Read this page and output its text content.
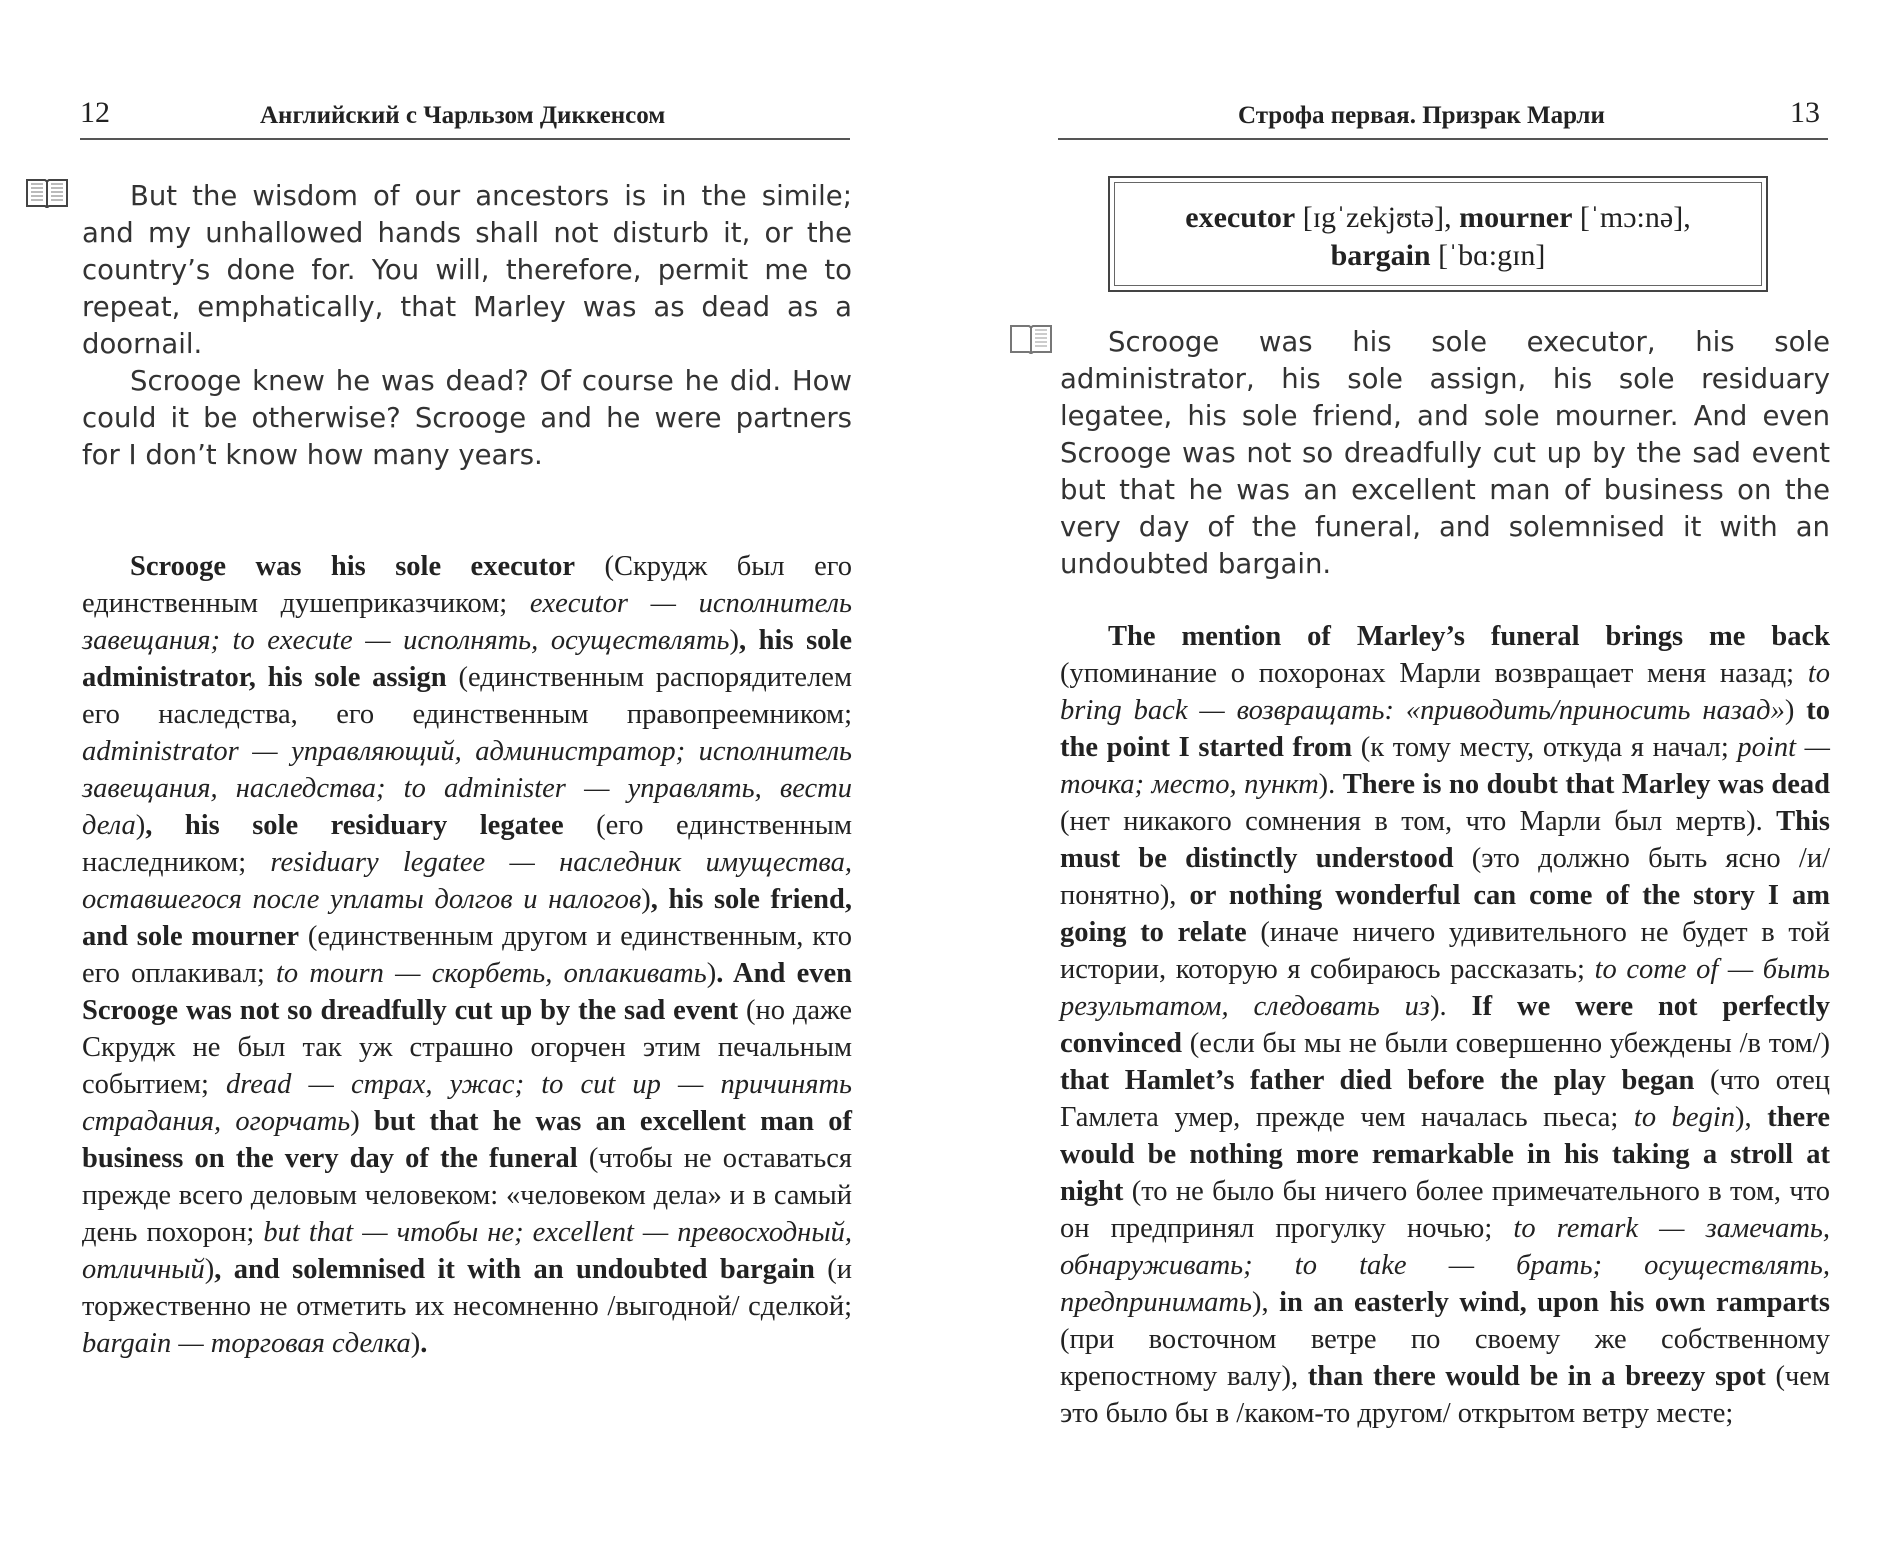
12	Английский с Чарльзом Диккенсом

But the wisdom of our ancestors is in the simile; and my unhallowed hands shall not disturb it, or the country’s done for. You will, therefore, permit me to repeat, emphatically, that Marley was as dead as a doornail.

Scrooge knew he was dead? Of course he did. How could it be otherwise? Scrooge and he were partners for I don’t know how many years.

Scrooge was his sole executor (Скрудж был его единственным душеприказчиком; executor — исполнитель завещания; to execute — исполнять, осуществлять), his sole administrator, his sole assign (единственным распорядителем его наследства, его единственным правопреемником; administrator — управляющий, администратор; исполнитель завещания, наследства; to administer — управлять, вести дела), his sole residuary legatee (его единственным наследником; residuary legatee — наследник имущества, оставшегося после уплаты долгов и налогов), his sole friend, and sole mourner (единственным другом и единственным, кто его оплакивал; to mourn — скорбеть, оплакивать). And even Scrooge was not so dreadfully cut up by the sad event (но даже Скрудж не был так уж страшно огорчен этим печальным событием; dread — страх, ужас; to cut up — причинять страдания, огорчать) but that he was an excellent man of business on the very day of the funeral (чтобы не оставаться прежде всего деловым человеком: «человеком дела» и в самый день похорон; but that — чтобы не; excellent — превосходный, отличный), and solemnised it with an undoubted bargain (и торжественно не отметить их несомненно /выгодной/ сделкой; bargain — торговая сделка).

Строфа первая. Призрак Марли	13
executor [ɪgˈzekjʊtə], mourner [ˈmɔ:nə],
bargain [ˈbɑ:gɪn]

Scrooge was his sole executor, his sole administrator, his sole assign, his sole residuary legatee, his sole friend, and sole mourner. And even Scrooge was not so dreadfully cut up by the sad event but that he was an excellent man of business on the very day of the funeral, and solemnised it with an undoubted bargain.

The mention of Marley’s funeral brings me back (упоминание о похоронах Марли возвращает меня назад; to bring back — возвращать: «приводить/приносить назад») to the point I started from (к тому месту, откуда я начал; point — точка; место, пункт). There is no doubt that Marley was dead (нет никакого сомнения в том, что Марли был мертв). This must be distinctly understood (это должно быть ясно /и/ понятно), or nothing wonderful can come of the story I am going to relate (иначе ничего удивительного не будет в той истории, которую я собираюсь рассказать; to come of — быть результатом, следовать из). If we were not perfectly convinced (если бы мы не были совершенно убеждены /в том/) that Hamlet’s father died before the play began (что отец Гамлета умер, прежде чем началась пьеса; to begin), there would be nothing more remarkable in his taking a stroll at night (то не было бы ничего более примечательного в том, что он предпринял прогулку ночью; to remark — замечать, обнаруживать; to take — брать; осуществлять, предпринимать), in an easterly wind, upon his own ramparts (при восточном ветре по своему же собственному крепостному валу), than there would be in a breezy spot (чем это было бы в /каком-то другом/ открытом ветру месте;
